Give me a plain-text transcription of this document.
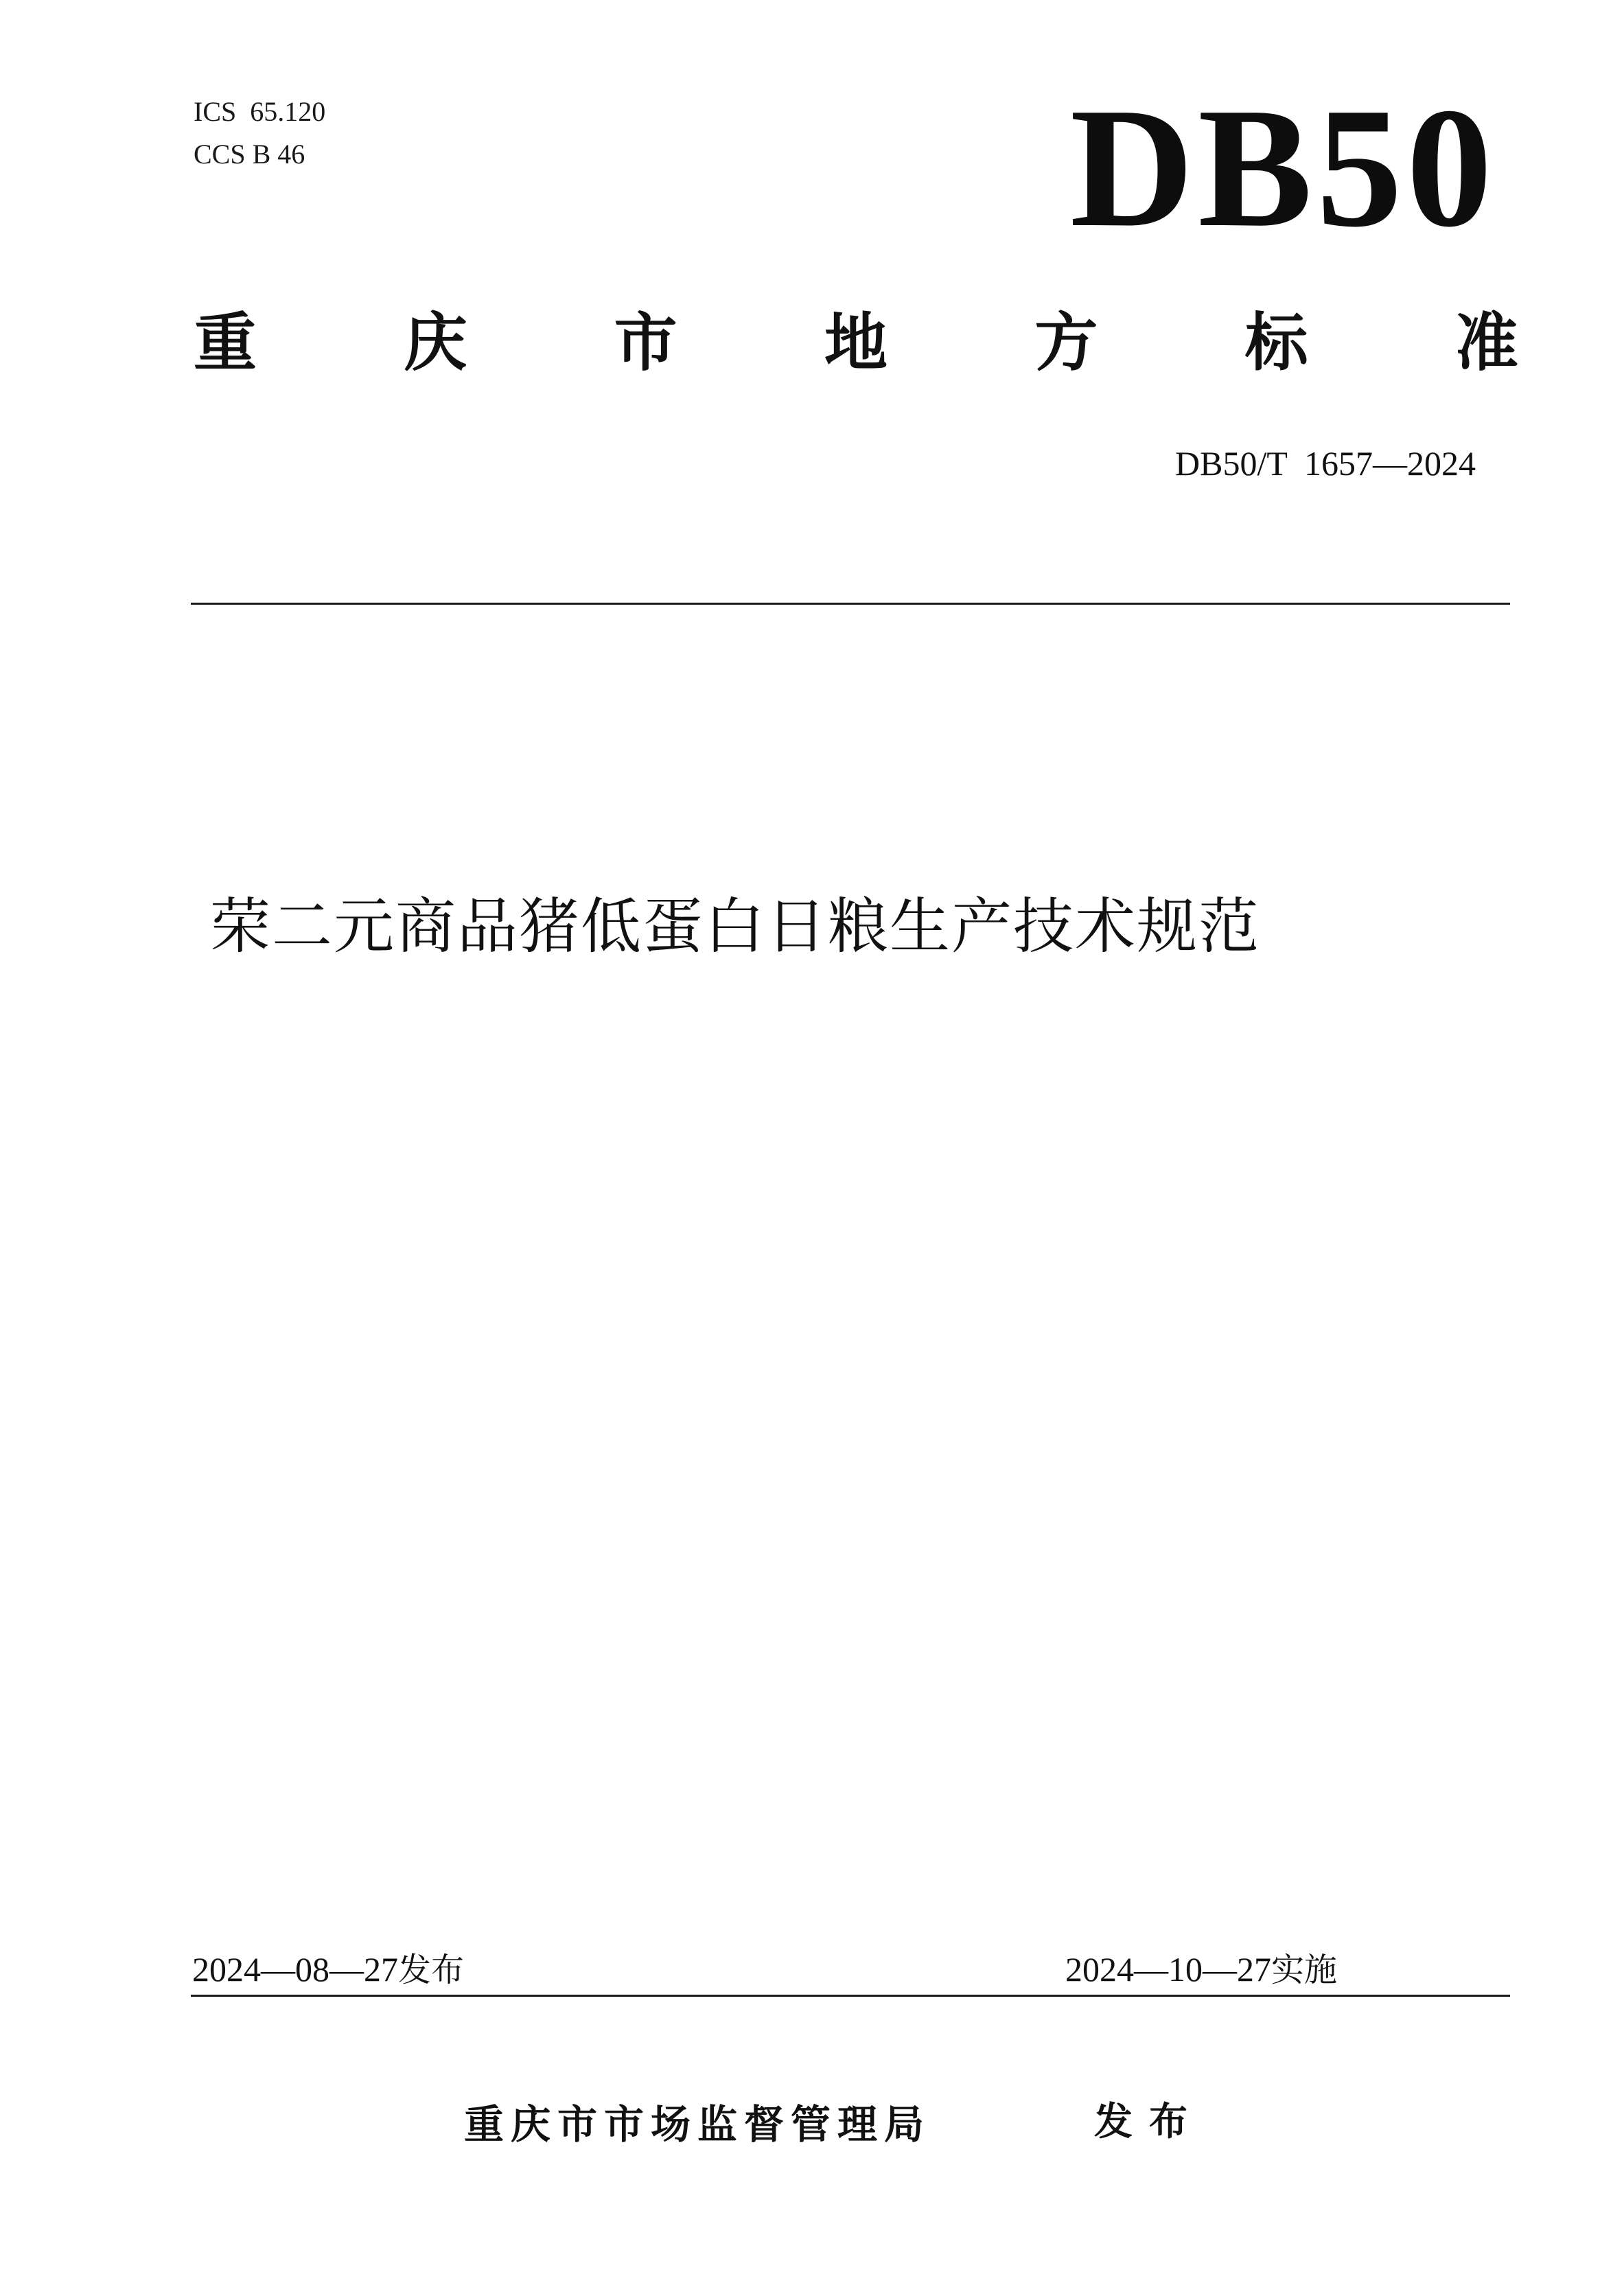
ICS  65.120
CCS B 46	DB50
重 庆 市 地 方 标 准
DB50/T  1657—2024
荣二元商品猪低蛋白日粮生产技术规范
2024—08—27发布	2024—10—27实施
重庆市市场监督管理局	发布
